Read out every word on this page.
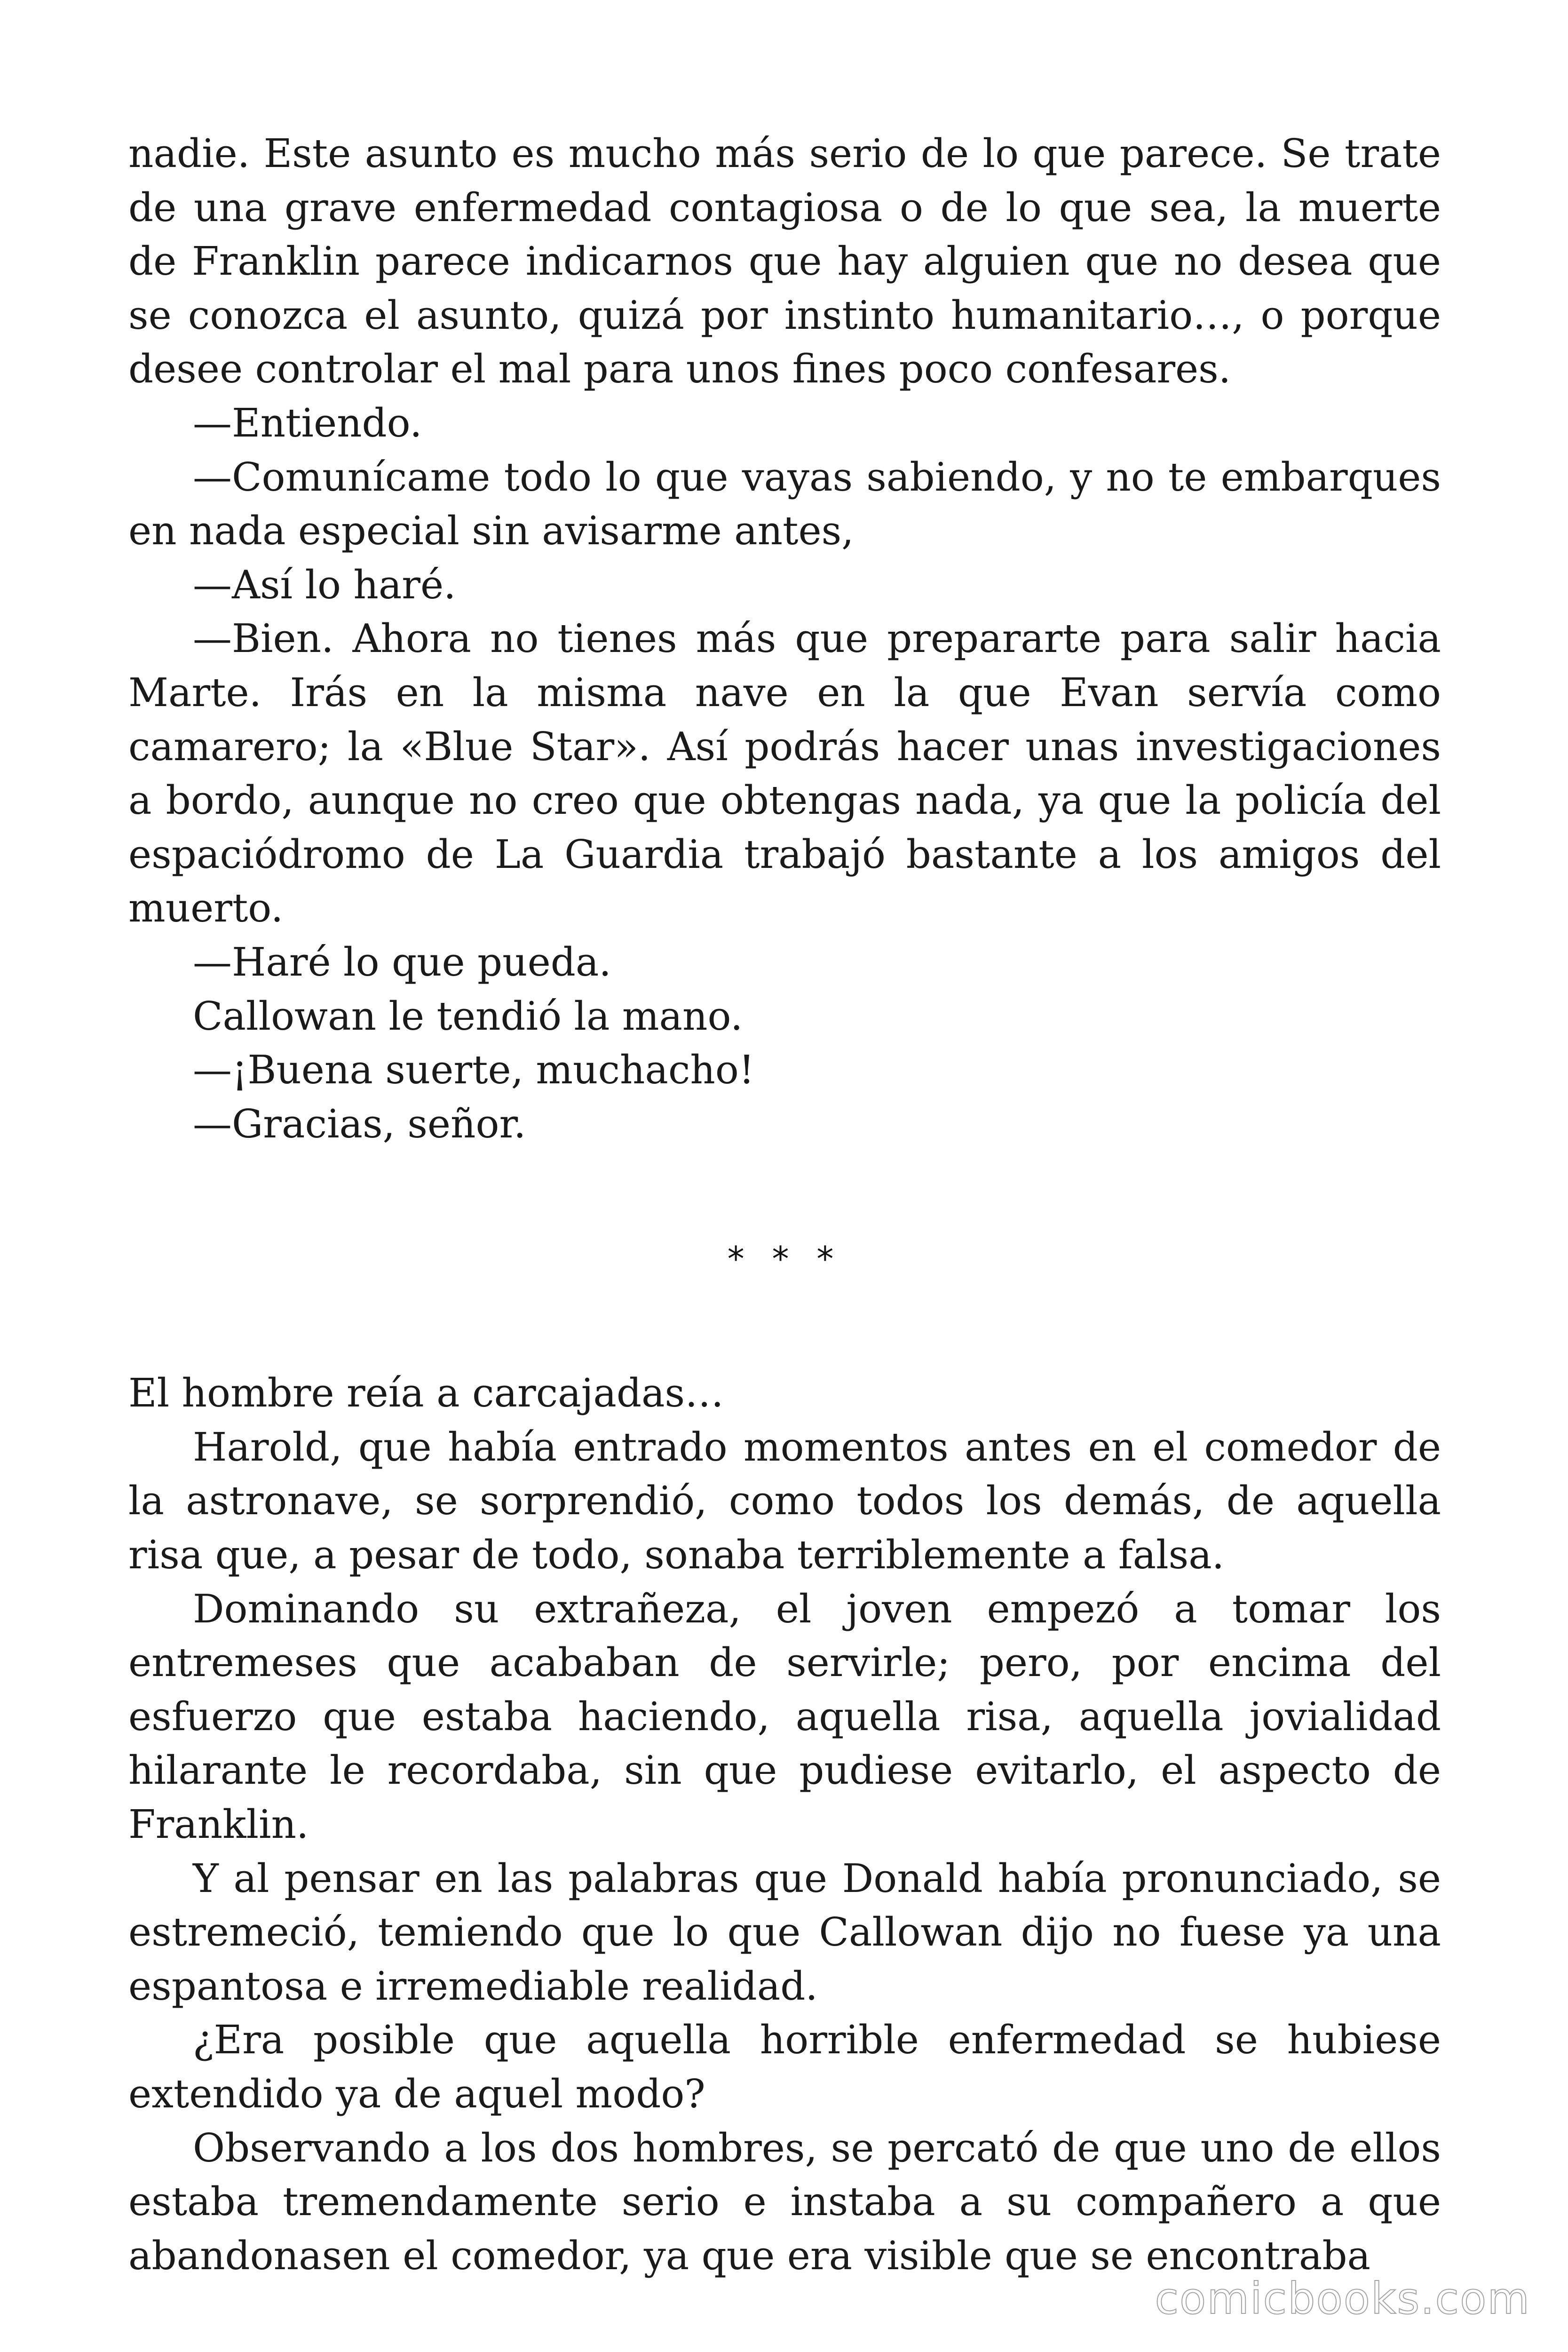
nadie. Este asunto es mucho más serio de lo que parece. Se trate de una grave enfermedad contagiosa o de lo que sea, la muerte de Franklin parece indicarnos que hay alguien que no desea que se conozca el asunto, quizá por instinto humanitario…, o porque desee controlar el mal para unos fines poco confesares.

—Entiendo.

—Comunícame todo lo que vayas sabiendo, y no te embarques en nada especial sin avisarme antes,

—Así lo haré.

—Bien. Ahora no tienes más que prepararte para salir hacia Marte. Irás en la misma nave en la que Evan servía como camarero; la «Blue Star». Así podrás hacer unas investigaciones a bordo, aunque no creo que obtengas nada, ya que la policía del espaciódromo de La Guardia trabajó bastante a los amigos del muerto.

—Haré lo que pueda.

Callowan le tendió la mano.

—¡Buena suerte, muchacho!

—Gracias, señor.

* * *

El hombre reía a carcajadas…

Harold, que había entrado momentos antes en el comedor de la astronave, se sorprendió, como todos los demás, de aquella risa que, a pesar de todo, sonaba terriblemente a falsa.

Dominando su extrañeza, el joven empezó a tomar los entremeses que acababan de servirle; pero, por encima del esfuerzo que estaba haciendo, aquella risa, aquella jovialidad hilarante le recordaba, sin que pudiese evitarlo, el aspecto de Franklin.

Y al pensar en las palabras que Donald había pronunciado, se estremeció, temiendo que lo que Callowan dijo no fuese ya una espantosa e irremediable realidad.

¿Era posible que aquella horrible enfermedad se hubiese extendido ya de aquel modo?

Observando a los dos hombres, se percató de que uno de ellos estaba tremendamente serio e instaba a su compañero a que abandonasen el comedor, ya que era visible que se encontraba

comicbooks.com
